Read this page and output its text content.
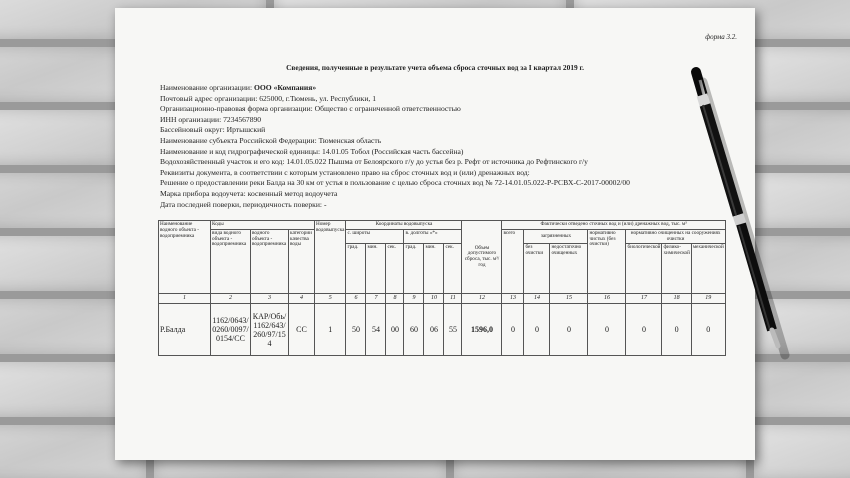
форма 3.2.
Сведения, полученные в результате учета объема сброса сточных вод за I квартал 2019 г.
Наименование организации: ООО «Компания»
Почтовый адрес организации: 625000, г.Тюмень, ул. Республики, 1
Организационно-правовая форма организации: Общество с ограниченной ответственностью
ИНН организации: 7234567890
Бассейновый округ: Иртышский
Наименование субъекта Российской Федерации: Тюменская область
Наименование и код гидрографической единицы: 14.01.05 Тобол (Российская часть бассейна)
Водохозяйственный участок и его код: 14.01.05.022 Пышма от Белоярского г/у до устья без р. Рефт от источника до Рефтинского г/у
Реквизиты документа, в соответствии с которым установлено право на сброс сточных вод и (или) дренажных вод:
Решение о предоставлении реки Балда на 30 км от устья в пользование с целью сброса сточных вод № 72-14.01.05.022-Р-РСВХ-С-2017-00002/00
Марка прибора водоучета: косвенный метод водоучета
Дата последней поверки, периодичность поверки: -
Наименование водного объекта - водоприемника	Коды			Номер водовыпуска	Координаты водовыпуска						Объем допустимого сброса, тыс. м³/год	Фактически отведено сточных вод и (или) дренажных вод, тыс. м³						
	вида водного объекта - водоприемника	водного объекта - водоприемника	категории качества воды		с. широты			в. долготы «*»				всего	загрязненных		нормативно чистых (без очистки)	нормативно очищенных на сооружениях очистки		
					град.	мин.	сек.	град.	мин.	сек.			без очистки	недостаточно очищенных		биологической	физико-химической	механической
1	2	3	4	5	6	7	8	9	10	11	12	13	14	15	16	17	18	19
Р.Балда	1162/0643/0260/0097/0154/СС	КАР/Обь/1162/643/260/97/154	СС	1	50	54	00	60	06	55	1596,0	0	0	0	0	0	0	0
